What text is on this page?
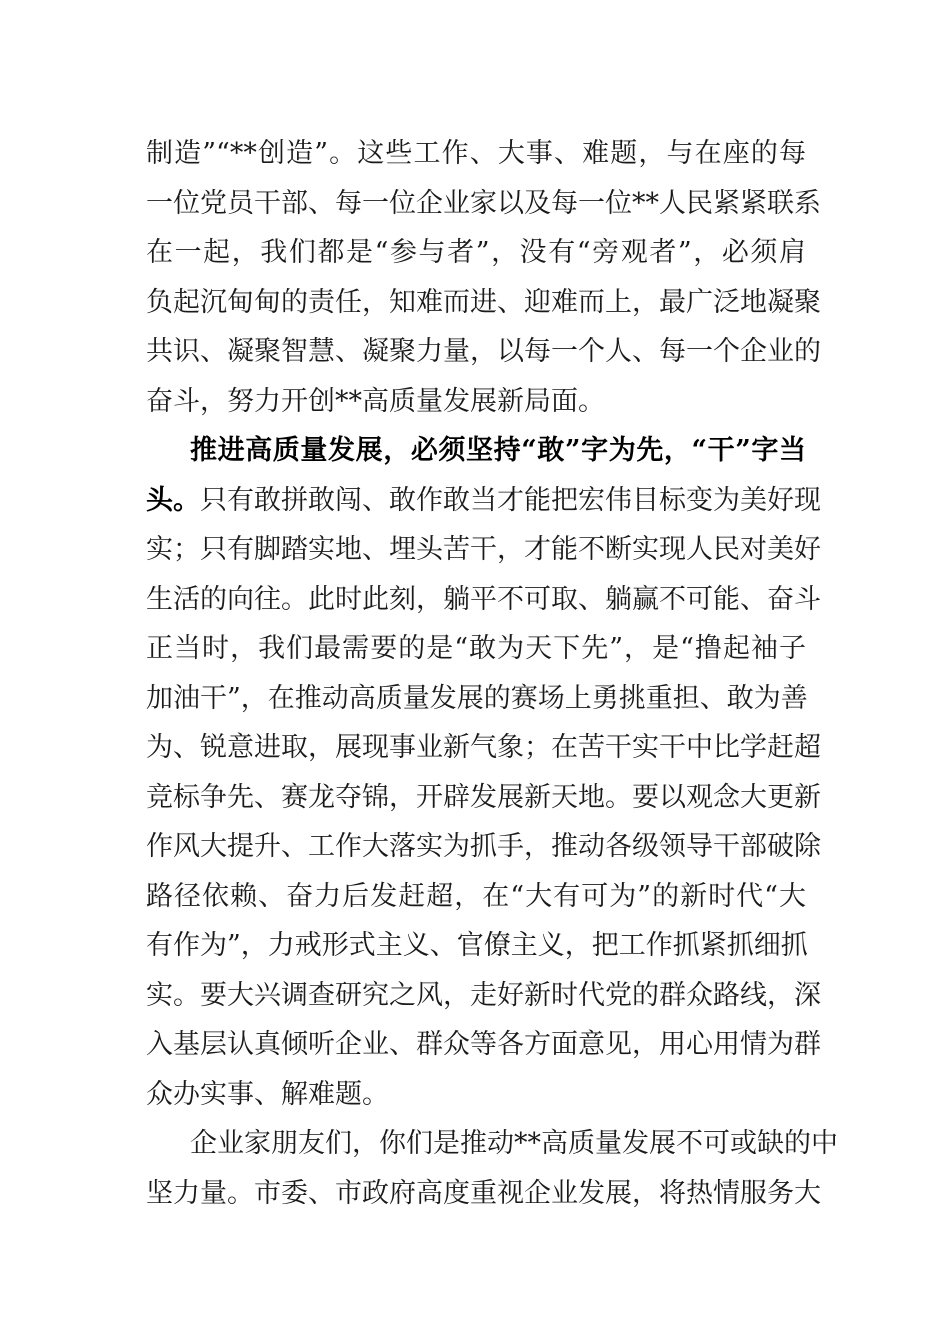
制造”“**创造”。这些工作、大事、难题，与在座的每
一位党员干部、每一位企业家以及每一位**人民紧紧联系
在一起，我们都是“参与者”，没有“旁观者”，必须肩
负起沉甸甸的责任，知难而进、迎难而上，最广泛地凝聚
共识、凝聚智慧、凝聚力量，以每一个人、每一个企业的
奋斗，努力开创**高质量发展新局面。
推进高质量发展，必须坚持“敢”字为先，“干”字当
头。只有敢拼敢闯、敢作敢当才能把宏伟目标变为美好现
实；只有脚踏实地、埋头苦干，才能不断实现人民对美好
生活的向往。此时此刻，躺平不可取、躺赢不可能、奋斗
正当时，我们最需要的是“敢为天下先”，是“撸起袖子
加油干”，在推动高质量发展的赛场上勇挑重担、敢为善
为、锐意进取，展现事业新气象；在苦干实干中比学赶超
竞标争先、赛龙夺锦，开辟发展新天地。要以观念大更新
作风大提升、工作大落实为抓手，推动各级领导干部破除
路径依赖、奋力后发赶超，在“大有可为”的新时代“大
有作为”，力戒形式主义、官僚主义，把工作抓紧抓细抓
实。要大兴调查研究之风，走好新时代党的群众路线，深
入基层认真倾听企业、群众等各方面意见，用心用情为群
众办实事、解难题。
企业家朋友们，你们是推动**高质量发展不可或缺的中
坚力量。市委、市政府高度重视企业发展，将热情服务大
